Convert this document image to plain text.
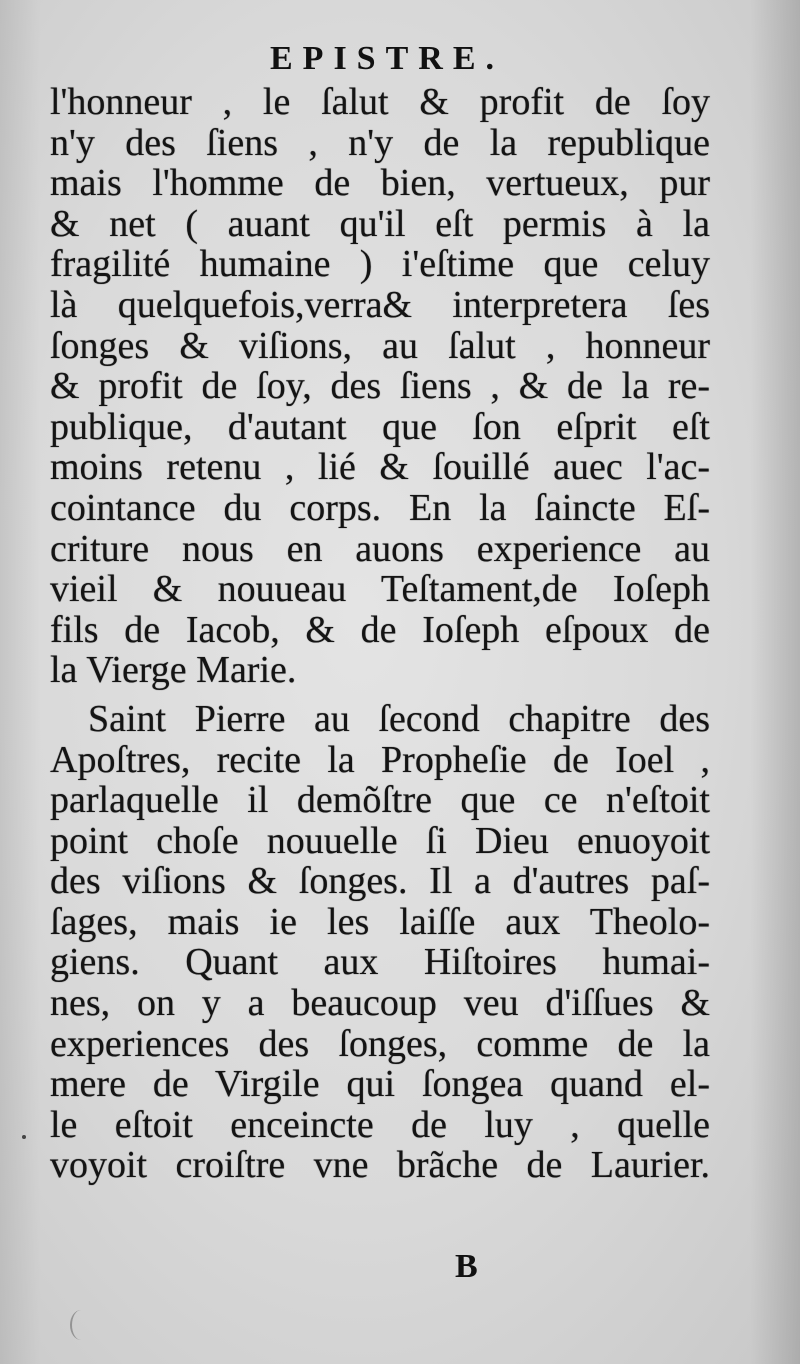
EPISTRE.
l'honneur , le ſalut & profit de ſoy
n'y des ſiens , n'y de la republique
mais l'homme de bien, vertueux, pur
& net ( auant qu'il eſt permis à la
fragilité humaine ) i'eſtime que celuy
là quelquefois,verra& interpretera ſes
ſonges & viſions, au ſalut , honneur
& profit de ſoy, des ſiens , & de la re-
publique, d'autant que ſon eſprit eſt
moins retenu , lié & ſouillé auec l'ac-
cointance du corps. En la ſaincte Eſ-
criture nous en auons experience au
vieil & nouueau Teſtament,de Ioſeph
fils de Iacob, & de Ioſeph eſpoux de
la Vierge Marie.
Saint Pierre au ſecond chapitre des
Apoſtres, recite la Propheſie de Ioel ,
parlaquelle il demõſtre que ce n'eſtoit
point choſe nouuelle ſi Dieu enuoyoit
des viſions & ſonges. Il a d'autres paſ-
ſages, mais ie les laiſſe aux Theolo-
giens. Quant aux Hiſtoires humai-
nes, on y a beaucoup veu d'iſſues &
experiences des ſonges, comme de la
mere de Virgile qui ſongea quand el-
le eſtoit enceincte de luy , quelle
voyoit croiſtre vne brãche de Laurier.
B
